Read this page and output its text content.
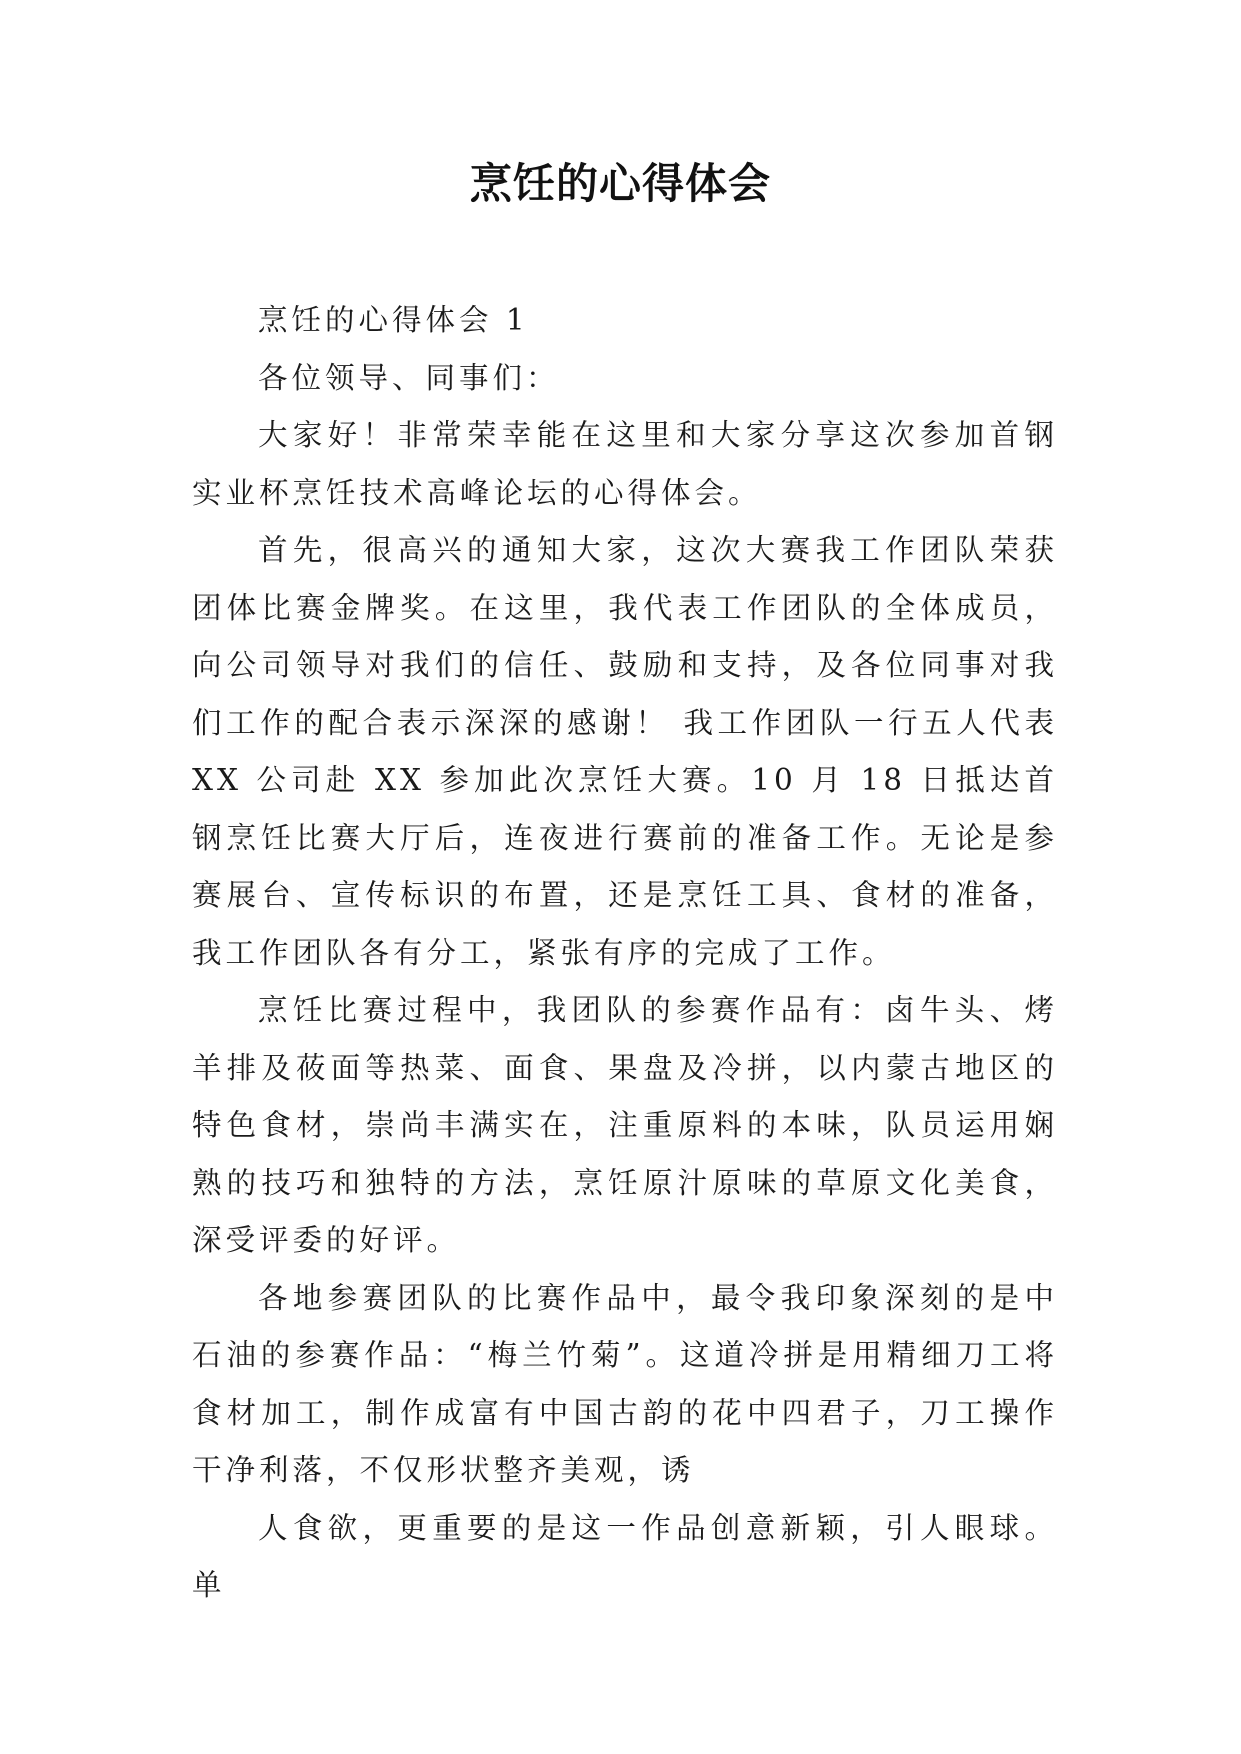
烹饪的心得体会

烹饪的心得体会 1

各位领导、同事们：

大家好！非常荣幸能在这里和大家分享这次参加首钢实业杯烹饪技术高峰论坛的心得体会。

首先，很高兴的通知大家，这次大赛我工作团队荣获团体比赛金牌奖。在这里，我代表工作团队的全体成员，向公司领导对我们的信任、鼓励和支持，及各位同事对我们工作的配合表示深深的感谢！ 我工作团队一行五人代表 XX 公司赴 XX 参加此次烹饪大赛。10 月 18 日抵达首钢烹饪比赛大厅后，连夜进行赛前的准备工作。无论是参赛展台、宣传标识的布置，还是烹饪工具、食材的准备，我工作团队各有分工，紧张有序的完成了工作。

烹饪比赛过程中，我团队的参赛作品有：卤牛头、烤羊排及莜面等热菜、面食、果盘及冷拼，以内蒙古地区的特色食材，崇尚丰满实在，注重原料的本味，队员运用娴熟的技巧和独特的方法，烹饪原汁原味的草原文化美食，深受评委的好评。

各地参赛团队的比赛作品中，最令我印象深刻的是中石油的参赛作品：“梅兰竹菊”。这道冷拼是用精细刀工将食材加工，制作成富有中国古韵的花中四君子，刀工操作干净利落，不仅形状整齐美观，诱

人食欲，更重要的是这一作品创意新颖，引人眼球。单
